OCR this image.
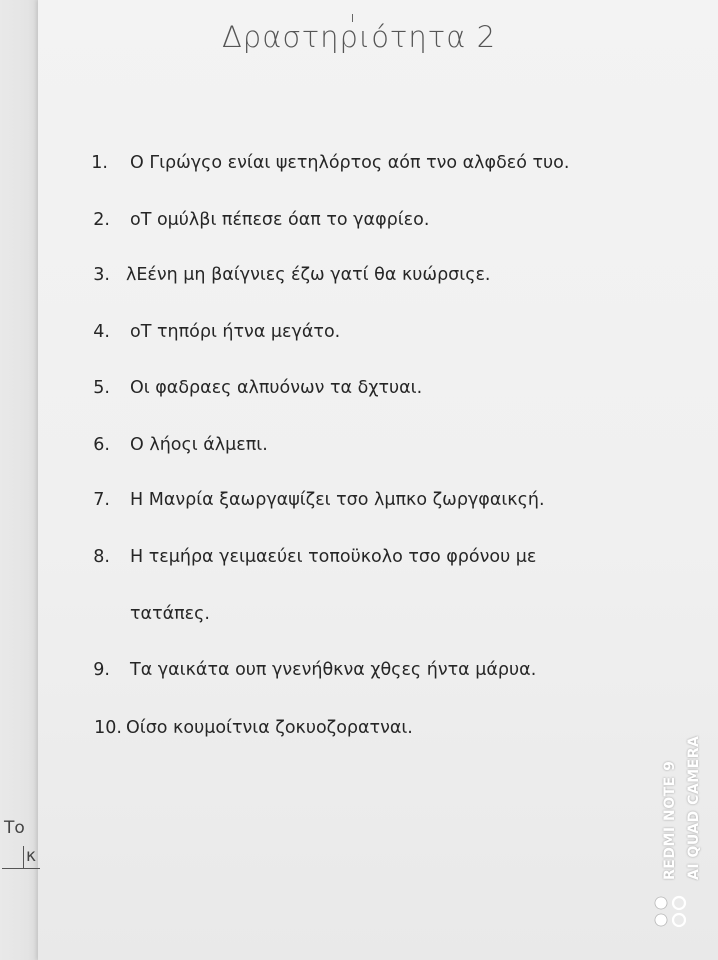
Δραστηριότητα 2
1. Ο Γιρώγςο ενίαι ψετηλόρτος αόπ τνο αλφδεό τυο.
2. οΤ ομύλβι πέπεσε όαπ το γαφρίεο.
3. λΕένη μη βαίγνιες έζω γατί θα κυώρσιςε.
4. οΤ τηπόρι ήτνα μεγάτο.
5. Οι φαδραες αλπυόνων τα δχτυαι.
6. Ο λήοςι άλμεπι.
7. Η Μανρία ξαωργαψίζει τσο λμπκο ζωργφαικςή.
8. Η τεμήρα γειμαεύει τοποϋκολο τσο φρόνου με
τατάπες.
9. Τα γαικάτα ουπ γνενήθκνα χθςες ήντα μάρυα.
10. Οίσο κουμοίτνια ζοκυοζορατναι.
Το
κ	REDMI NOTE 9 AI QUAD CAMERA
